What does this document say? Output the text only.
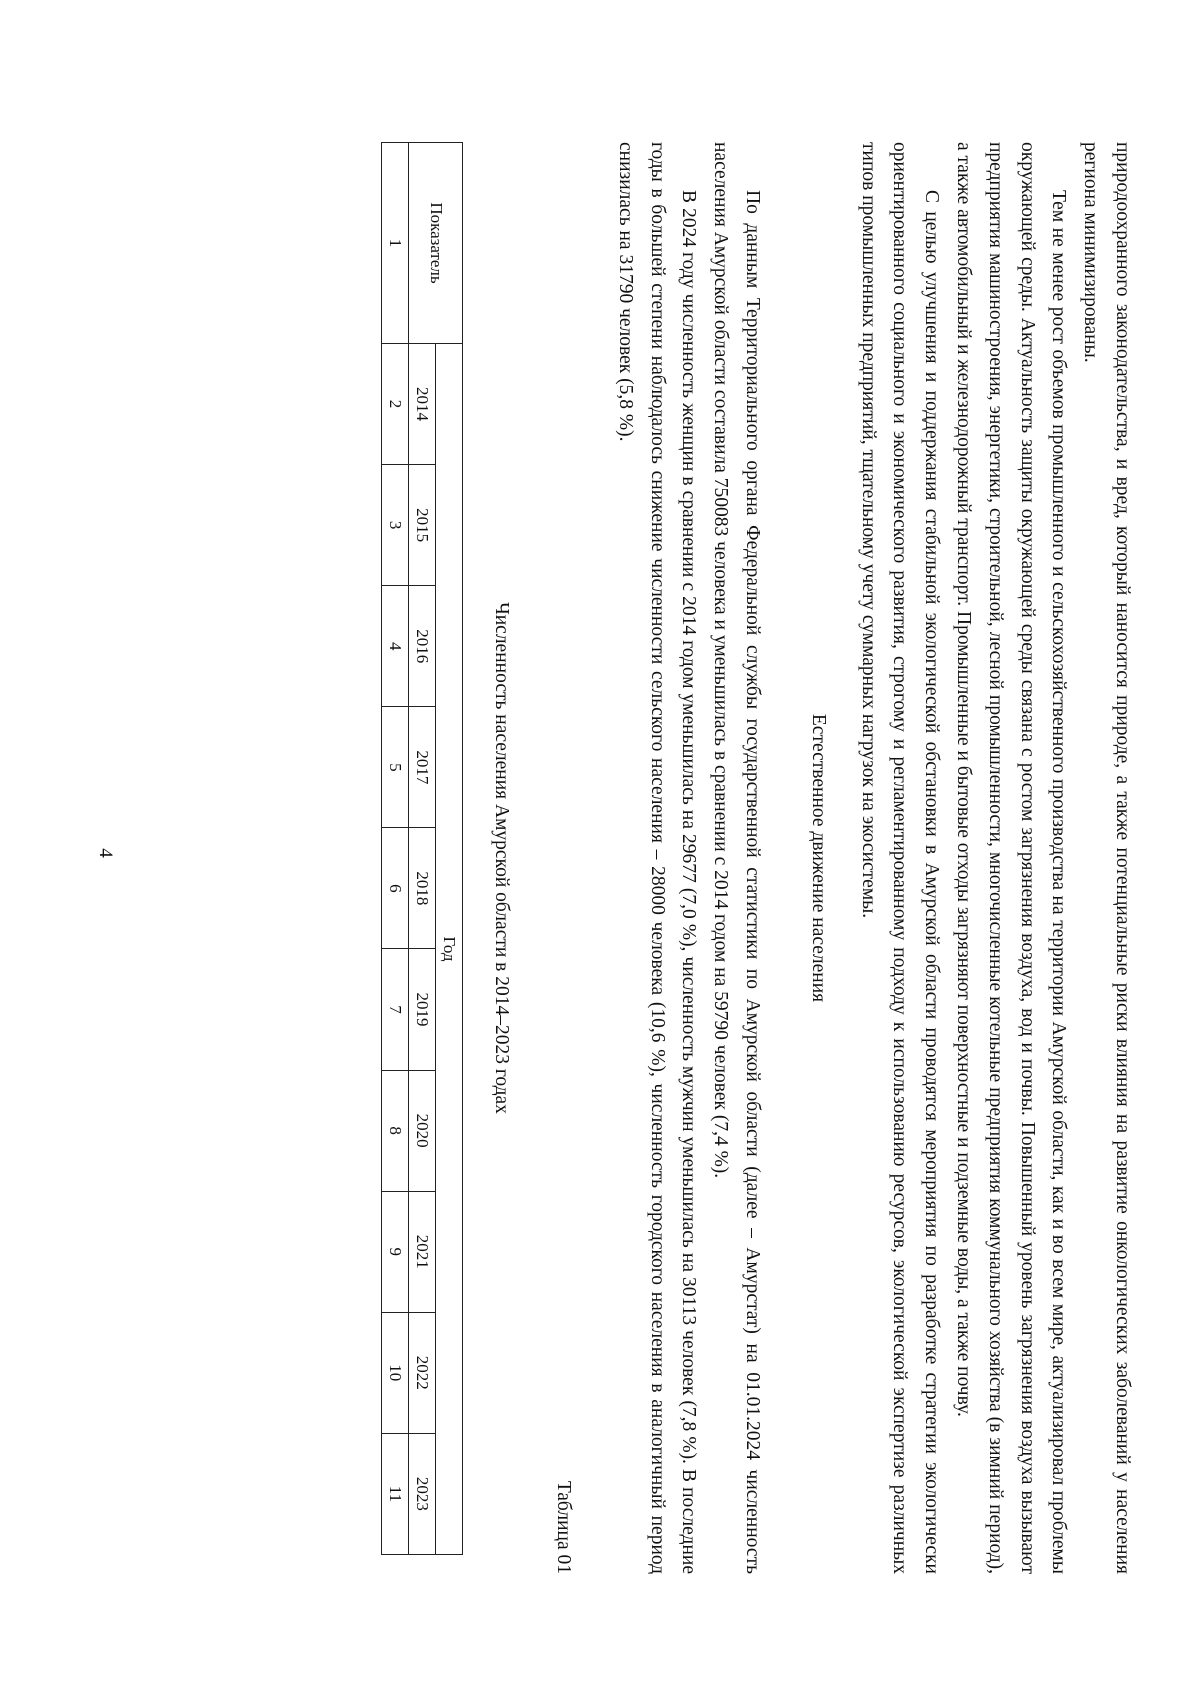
4	природоохранного законодательства, и вред, который наносится природе, а также потенциальные риски влияния на развитие онкологических заболеваний у населения региона минимизированы.

Тем не менее рост объемов промышленного и сельскохозяйственного производства на территории Амурской области, как и во всем мире, актуализировал проблемы окружающей среды. Актуальность защиты окружающей среды связана с ростом загрязнения воздуха, вод и почвы. Повышенный уровень загрязнения воздуха вызывают предприятия машиностроения, энергетики, строительной, лесной промышленности, многочисленные котельные предприятия коммунального хозяйства (в зимний период), а также автомобильный и железнодорожный транспорт. Промышленные и бытовые отходы загрязняют поверхностные и подземные воды, а также почву.

С целью улучшения и поддержания стабильной экологической обстановки в Амурской области проводятся мероприятия по разработке стратегии экологически ориентированного социального и экономического развития, строгому и регламентированному подходу к использованию ресурсов, экологической экспертизе различных типов промышленных предприятий, тщательному учету суммарных нагрузок на экосистемы.

Естественное движение населения

По данным Территориального органа Федеральной службы государственной статистики по Амурской области (далее – Амурстат) на 01.01.2024 численность населения Амурской области составила 750083 человека и уменьшилась в сравнении с 2014 годом на 59790 человек (7,4 %).

В 2024 году численность женщин в сравнении с 2014 годом уменьшилась на 29677 (7,0 %), численность мужчин уменьшилась на 30113 человек (7,8 %). В последние годы в большей степени наблюдалось снижение численности сельского населения – 28000 человека (10,6 %), численность городского населения в аналогичный период снизилась на 31790 человек (5,8 %).

Таблица 01
Численность населения Амурской области в 2014–2023 годах
Показатель	Год									
	2014	2015	2016	2017	2018	2019	2020	2021	2022	2023
1	2	3	4	5	6	7	8	9	10	11
